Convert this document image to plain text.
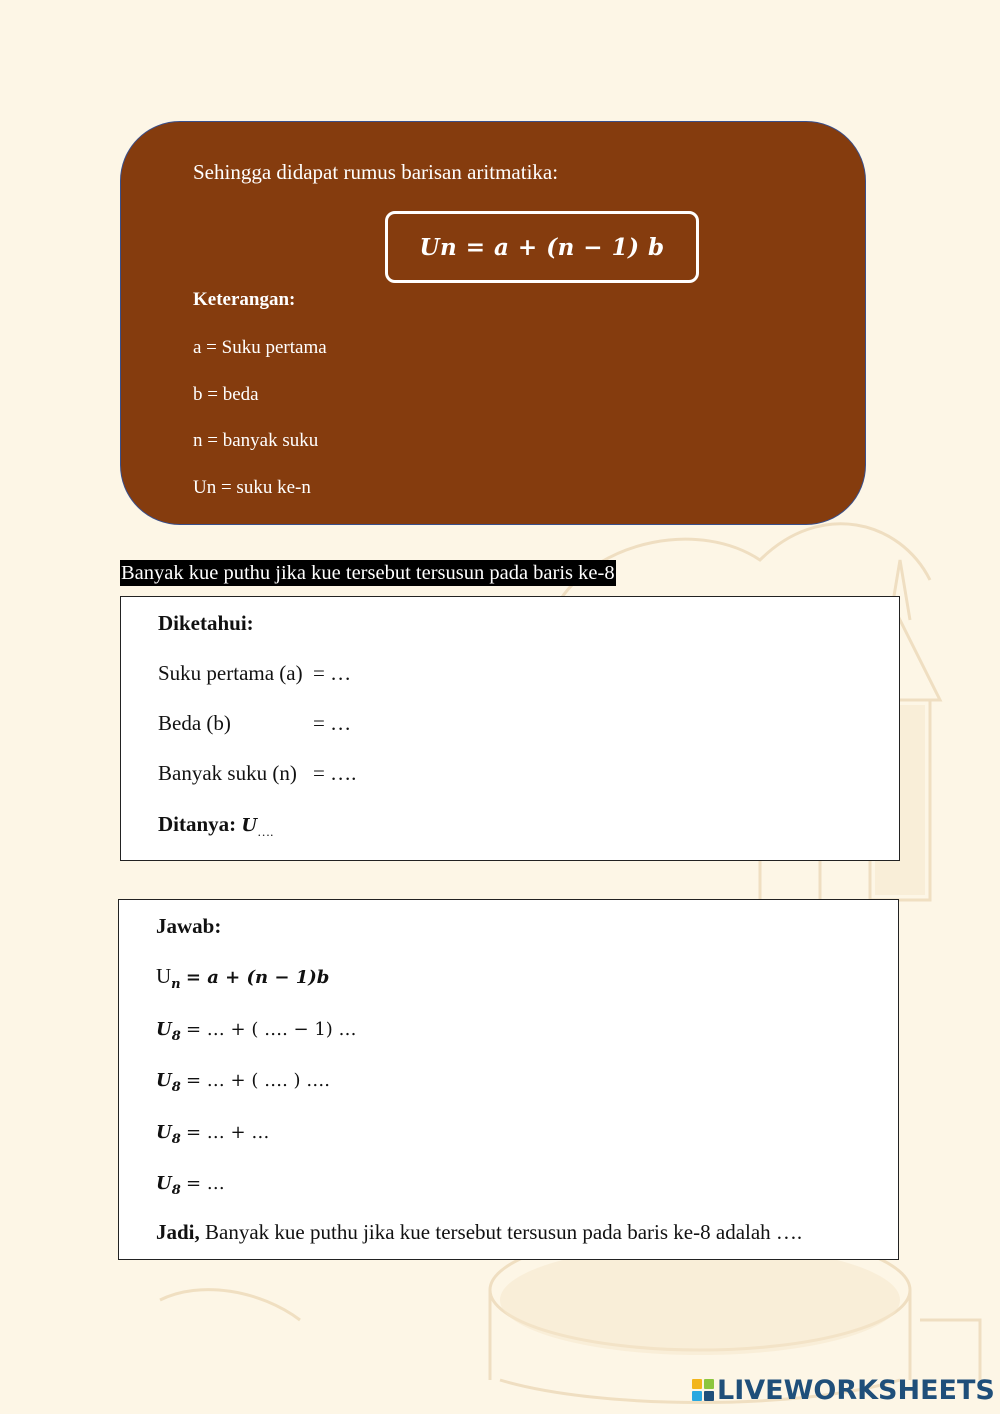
Sehingga didapat rumus barisan aritmatika:
Un = a + (n − 1) b
Keterangan:
a = Suku pertama
b = beda
n = banyak suku
Un = suku ke-n
Banyak kue puthu jika kue tersebut tersusun pada baris ke-8
Diketahui:
Suku pertama (a) = …
Beda (b)	= …
Banyak suku (n) = ….
Ditanya: $U_{\dots.}$
Jawab:
$U_n = a + (n - 1)b$
$U_8$ = … + ( …. − 1) …
$U_8$ = … + ( …. ) ….
$U_8$ = … + …
$U_8$ = …
Jadi, Banyak kue puthu jika kue tersebut tersusun pada baris ke-8 adalah ….
LIVEWORKSHEETS
